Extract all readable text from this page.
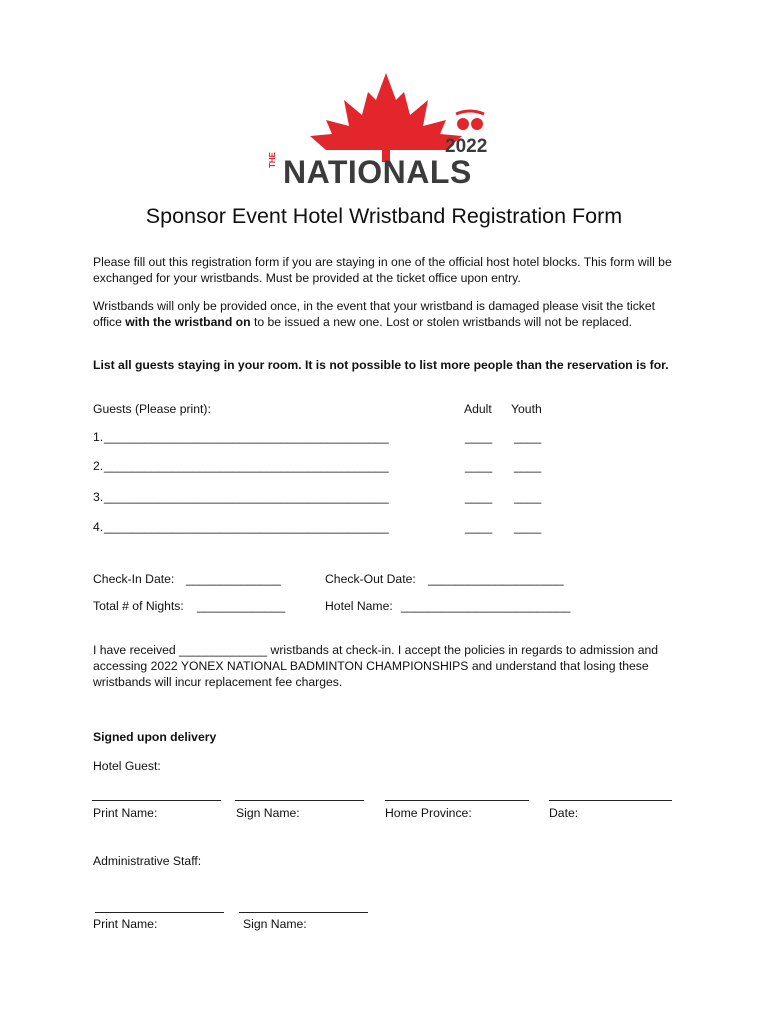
2022
THE NATIONALS
Sponsor Event Hotel Wristband Registration Form
Please fill out this registration form if you are staying in one of the official host hotel blocks. This form will be exchanged for your wristbands. Must be provided at the ticket office upon entry.
Wristbands will only be provided once, in the event that your wristband is damaged please visit the ticket office with the wristband on to be issued a new one. Lost or stolen wristbands will not be replaced.
List all guests staying in your room. It is not possible to list more people than the reservation is for.
Guests (Please print):	Adult Youth
1. __________________________________________	____ ____
2. __________________________________________	____ ____
3. __________________________________________	____ ____
4. __________________________________________	____ ____
Check-In Date: ______________	Check-Out Date: ____________________
Total # of Nights: _____________	Hotel Name: _________________________
I have received _____________ wristbands at check-in. I accept the policies in regards to admission and accessing 2022 YONEX NATIONAL BADMINTON CHAMPIONSHIPS and understand that losing these wristbands will incur replacement fee charges.
Signed upon delivery
Hotel Guest:
Print Name:	Sign Name:	Home Province:	Date:
Administrative Staff:
Print Name:	Sign Name:
